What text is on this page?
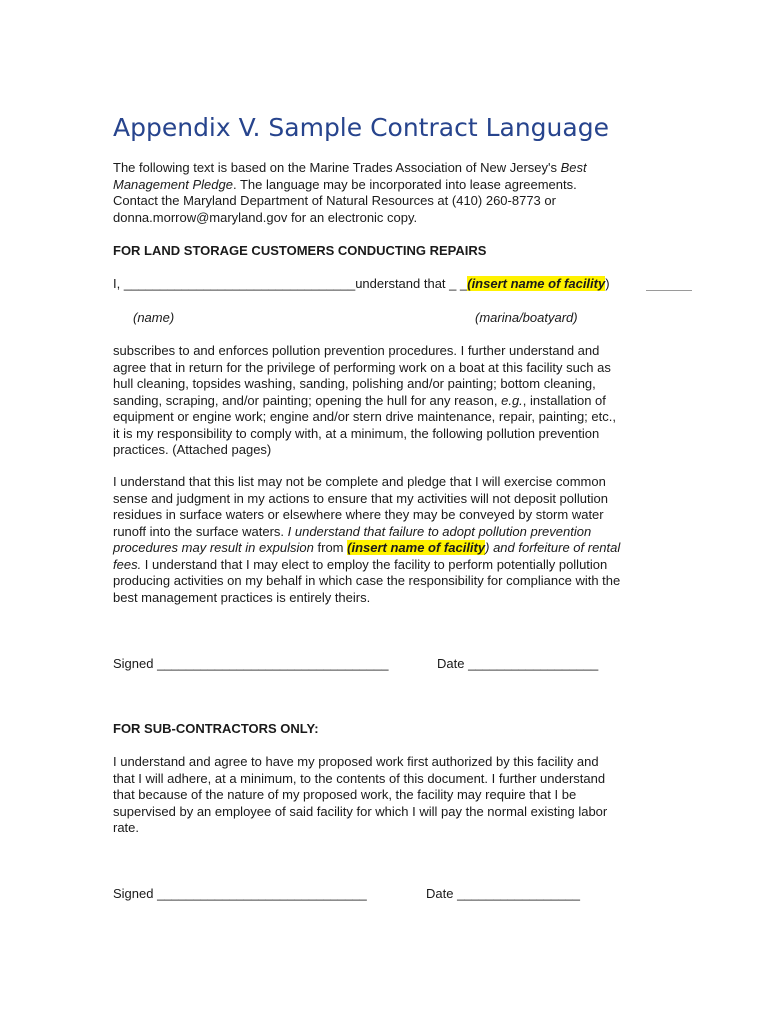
Appendix V. Sample Contract Language
The following text is based on the Marine Trades Association of New Jersey's Best
Management Pledge. The language may be incorporated into lease agreements.
Contact the Maryland Department of Natural Resources at (410) 260-8773 or
donna.morrow@maryland.gov for an electronic copy.
FOR LAND STORAGE CUSTOMERS CONDUCTING REPAIRS
I, ________________________________understand that _ _(insert name of facility)
(name)	(marina/boatyard)
subscribes to and enforces pollution prevention procedures. I further understand and
agree that in return for the privilege of performing work on a boat at this facility such as
hull cleaning, topsides washing, sanding, polishing and/or painting; bottom cleaning,
sanding, scraping, and/or painting; opening the hull for any reason, e.g., installation of
equipment or engine work; engine and/or stern drive maintenance, repair, painting; etc.,
it is my responsibility to comply with, at a minimum, the following pollution prevention
practices. (Attached pages)
I understand that this list may not be complete and pledge that I will exercise common
sense and judgment in my actions to ensure that my activities will not deposit pollution
residues in surface waters or elsewhere where they may be conveyed by storm water
runoff into the surface waters. I understand that failure to adopt pollution prevention
procedures may result in expulsion from (insert name of facility) and forfeiture of rental
fees. I understand that I may elect to employ the facility to perform potentially pollution
producing activities on my behalf in which case the responsibility for compliance with the
best management practices is entirely theirs.
Signed ________________________________	Date __________________
FOR SUB-CONTRACTORS ONLY:
I understand and agree to have my proposed work first authorized by this facility and
that I will adhere, at a minimum, to the contents of this document. I further understand
that because of the nature of my proposed work, the facility may require that I be
supervised by an employee of said facility for which I will pay the normal existing labor
rate.
Signed _____________________________	Date _________________
